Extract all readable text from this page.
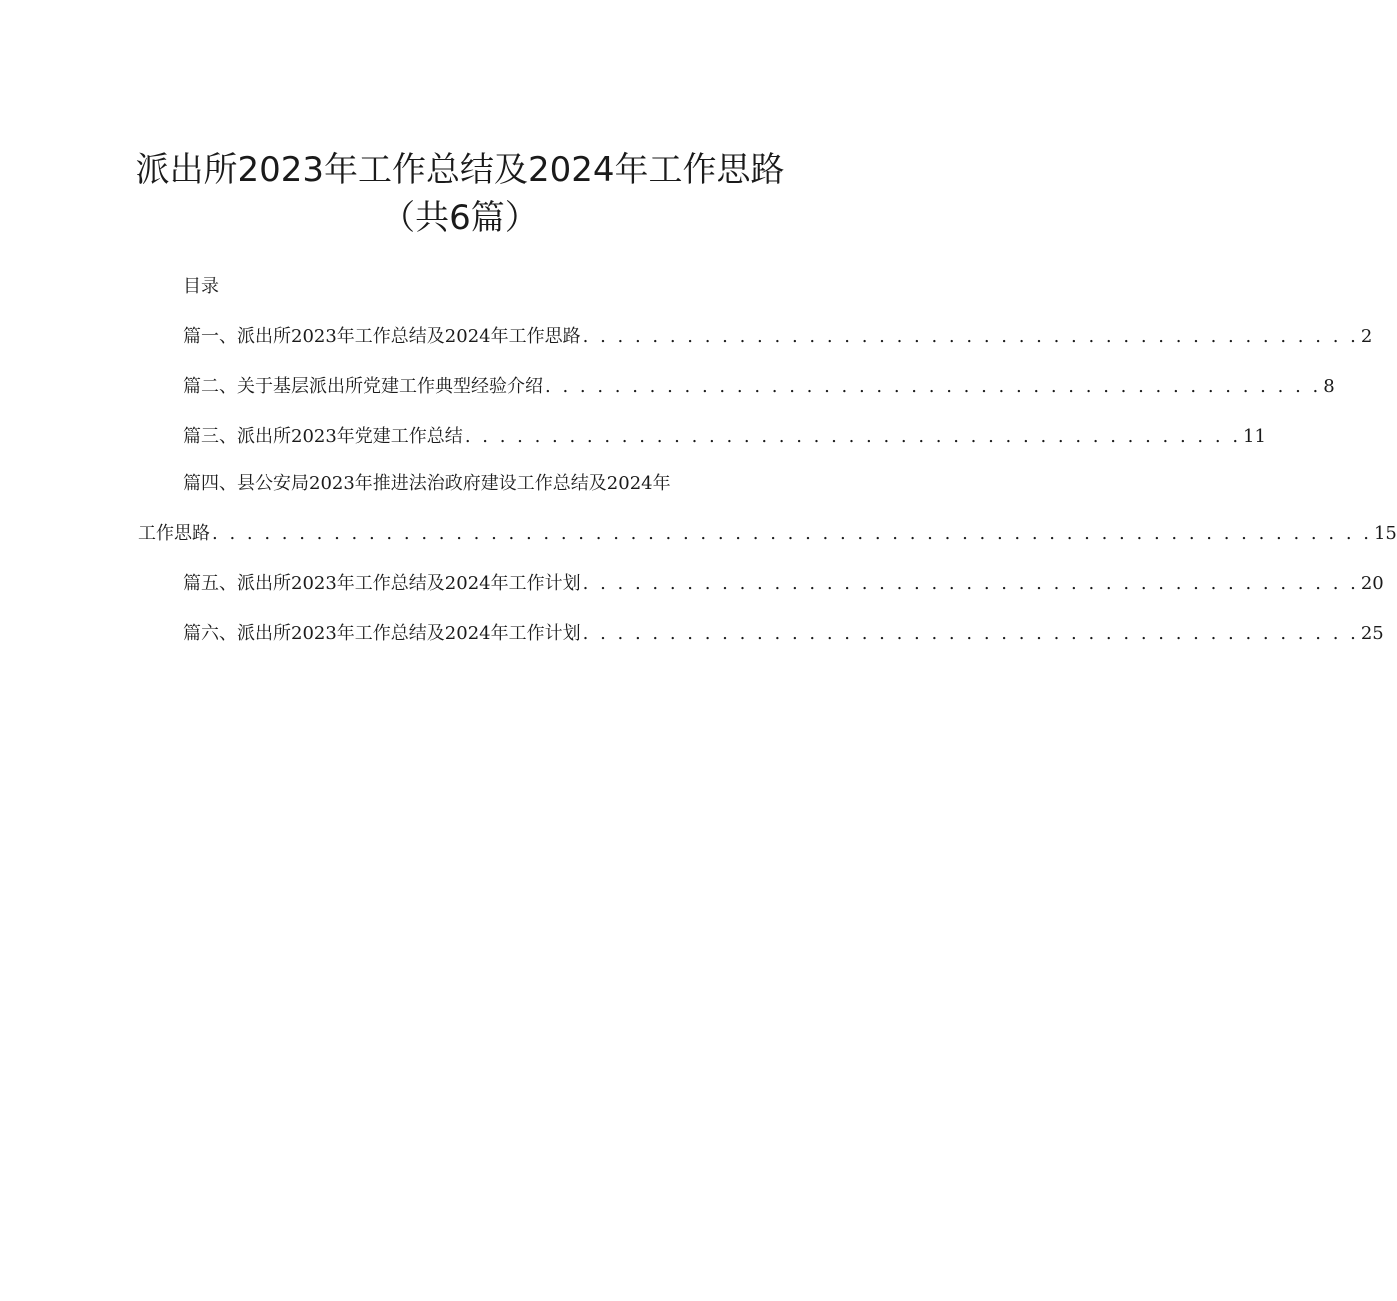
派出所2023年工作总结及2024年工作思路
（共6篇）
目录
篇一、派出所2023年工作总结及2024年工作思路 . . . . . . . . . . . . . . . . . . . . . . . . . . . . . . . . . . . . . . . . . . . . . 2
篇二、关于基层派出所党建工作典型经验介绍 . . . . . . . . . . . . . . . . . . . . . . . . . . . . . . . . . . . . . . . . . . . . . 8
篇三、派出所2023年党建工作总结 . . . . . . . . . . . . . . . . . . . . . . . . . . . . . . . . . . . . . . . . . . . . . 11
篇四、县公安局2023年推进法治政府建设工作总结及2024年
工作思路 . . . . . . . . . . . . . . . . . . . . . . . . . . . . . . . . . . . . . . . . . . . . . . . . . . . . . . . . . . . . . . . . . . . 15
篇五、派出所2023年工作总结及2024年工作计划 . . . . . . . . . . . . . . . . . . . . . . . . . . . . . . . . . . . . . . . . . . . . . 20
篇六、派出所2023年工作总结及2024年工作计划 . . . . . . . . . . . . . . . . . . . . . . . . . . . . . . . . . . . . . . . . . . . . . 25
